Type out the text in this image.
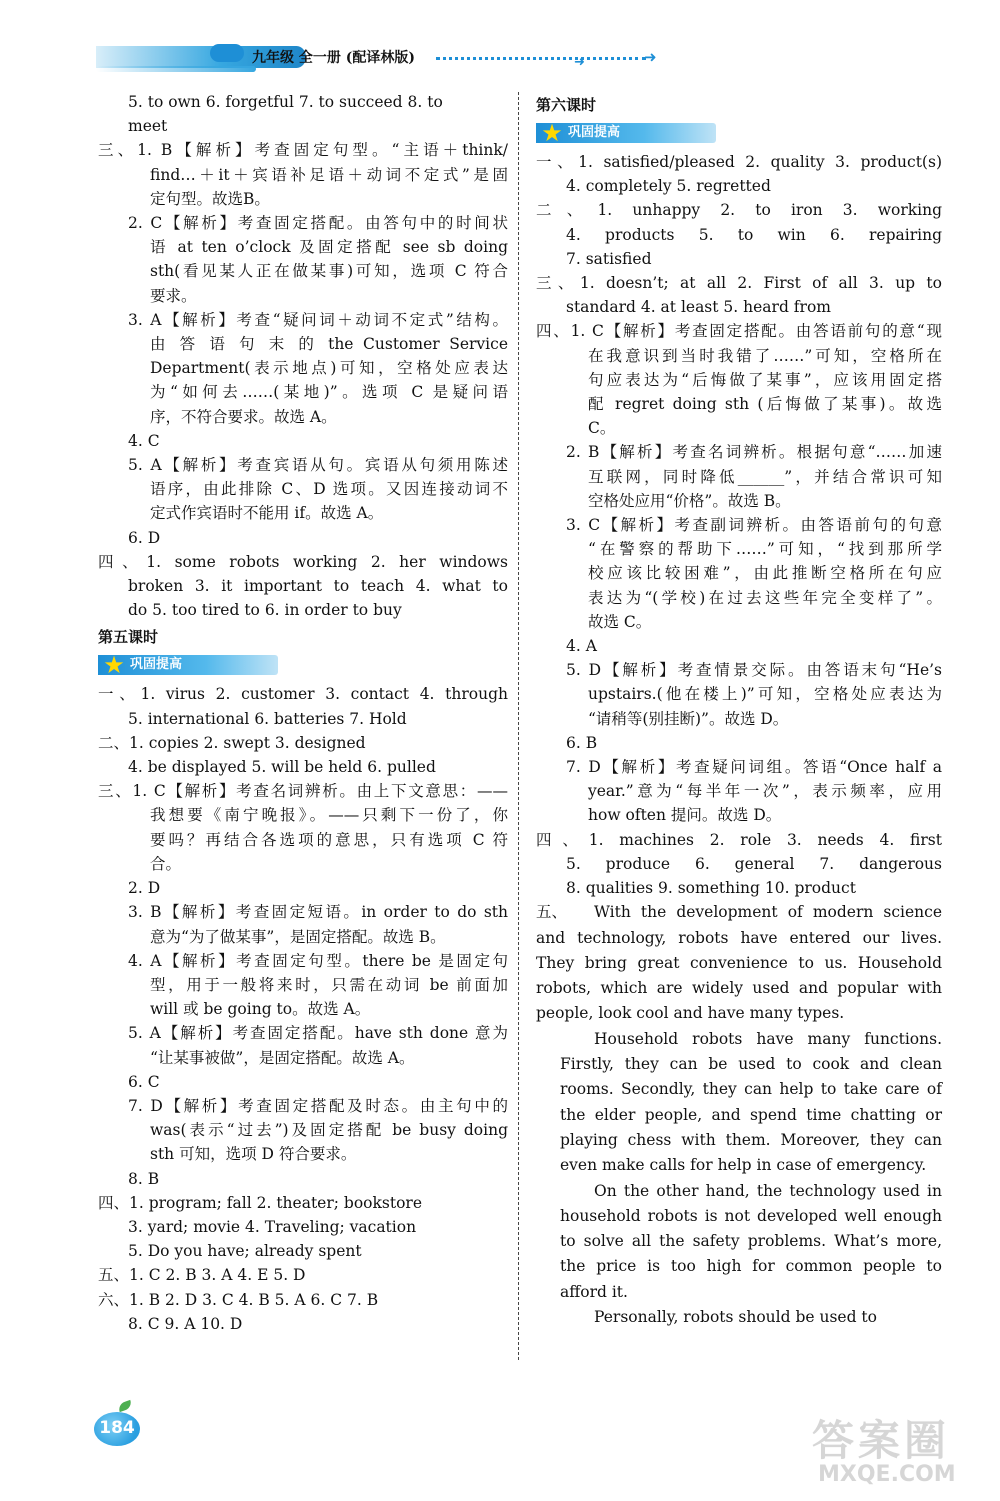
九年级 全一册 (配译林版)	➜	➜
5. to own 6. forgetful 7. to succeed 8. to
meet
三、1. B【解析】考查固定句型。“主语＋think/
find…＋it＋宾语补足语＋动词不定式”是固
定句型。故选B。
2. C【解析】考查固定搭配。由答句中的时间状
语 at ten o’clock 及固定搭配 see sb doing
sth(看见某人正在做某事)可知，选项 C 符合
要求。
3. A【解析】考查“疑问词＋动词不定式”结构。
由 答 语 句 末 的 the Customer Service
Department(表示地点)可知，空格处应表达
为“如何去……(某地)”。选项 C 是疑问语
序，不符合要求。故选 A。
4. C
5. A【解析】考查宾语从句。宾语从句须用陈述
语序，由此排除 C、D 选项。又因连接动词不
定式作宾语时不能用 if。故选 A。
6. D
四、1. some robots working 2. her windows
broken 3. it important to teach 4. what to
do 5. too tired to 6. in order to buy
第五课时
★ 巩固提高
一、1. virus 2. customer 3. contact 4. through
5. international 6. batteries 7. Hold
二、1. copies 2. swept 3. designed
4. be displayed 5. will be held 6. pulled
三、1. C【解析】考查名词辨析。由上下文意思：——
我想要《南宁晚报》。——只剩下一份了，你
要吗？再结合各选项的意思，只有选项 C 符
合。
2. D
3. B【解析】考查固定短语。in order to do sth
意为“为了做某事”，是固定搭配。故选 B。
4. A【解析】考查固定句型。there be 是固定句
型，用于一般将来时，只需在动词 be 前面加
will 或 be going to。故选 A。
5. A【解析】考查固定搭配。have sth done 意为
“让某事被做”，是固定搭配。故选 A。
6. C
7. D【解析】考查固定搭配及时态。由主句中的
was(表示“过去”)及固定搭配 be busy doing
sth 可知，选项 D 符合要求。
8. B
四、1. program; fall 2. theater; bookstore
3. yard; movie 4. Traveling; vacation
5. Do you have; already spent
五、1. C 2. B 3. A 4. E 5. D
六、1. B 2. D 3. C 4. B 5. A 6. C 7. B
8. C 9. A 10. D
第六课时
★ 巩固提高
一、1. satisfied/pleased 2. quality 3. product(s)
4. completely 5. regretted
二、1. unhappy 2. to iron 3. working
4. products 5. to win 6. repairing
7. satisfied
三、1. doesn’t; at all 2. First of all 3. up to
standard 4. at least 5. heard from
四、1. C【解析】考查固定搭配。由答语前句的意“现
在我意识到当时我错了……”可知，空格所在
句应表达为“后悔做了某事”，应该用固定搭
配 regret doing sth (后悔做了某事)。故选
C。
2. B【解析】考查名词辨析。根据句意“……加速
互联网，同时降低______”，并结合常识可知
空格处应用“价格”。故选 B。
3. C【解析】考查副词辨析。由答语前句的句意
“在警察的帮助下……”可知，“找到那所学
校应该比较困难”，由此推断空格所在句应
表达为“(学校)在过去这些年完全变样了”。
故选 C。
4. A
5. D【解析】考查情景交际。由答语末句“He’s
upstairs.(他在楼上)”可知，空格处应表达为
“请稍等(别挂断)”。故选 D。
6. B
7. D【解析】考查疑问词组。答语“Once half a
year.”意为“每半年一次”，表示频率，应用
how often 提问。故选 D。
四、1. machines 2. role 3. needs 4. first
5. produce 6. general 7. dangerous
8. qualities 9. something 10. product
五、 With the development of modern science and technology, robots have entered our lives. They bring great convenience to us. Household robots, which are widely used and popular with people, look cool and have many types.
Household robots have many functions. Firstly, they can be used to cook and clean rooms. Secondly, they can help to take care of the elder people, and spend time chatting or playing chess with them. Moreover, they can even make calls for help in case of emergency.
On the other hand, the technology used in household robots is not developed well enough to solve all the safety problems. What’s more, the price is too high for common people to afford it.
Personally, robots should be used to
184	答案圈
MXQE.COM
